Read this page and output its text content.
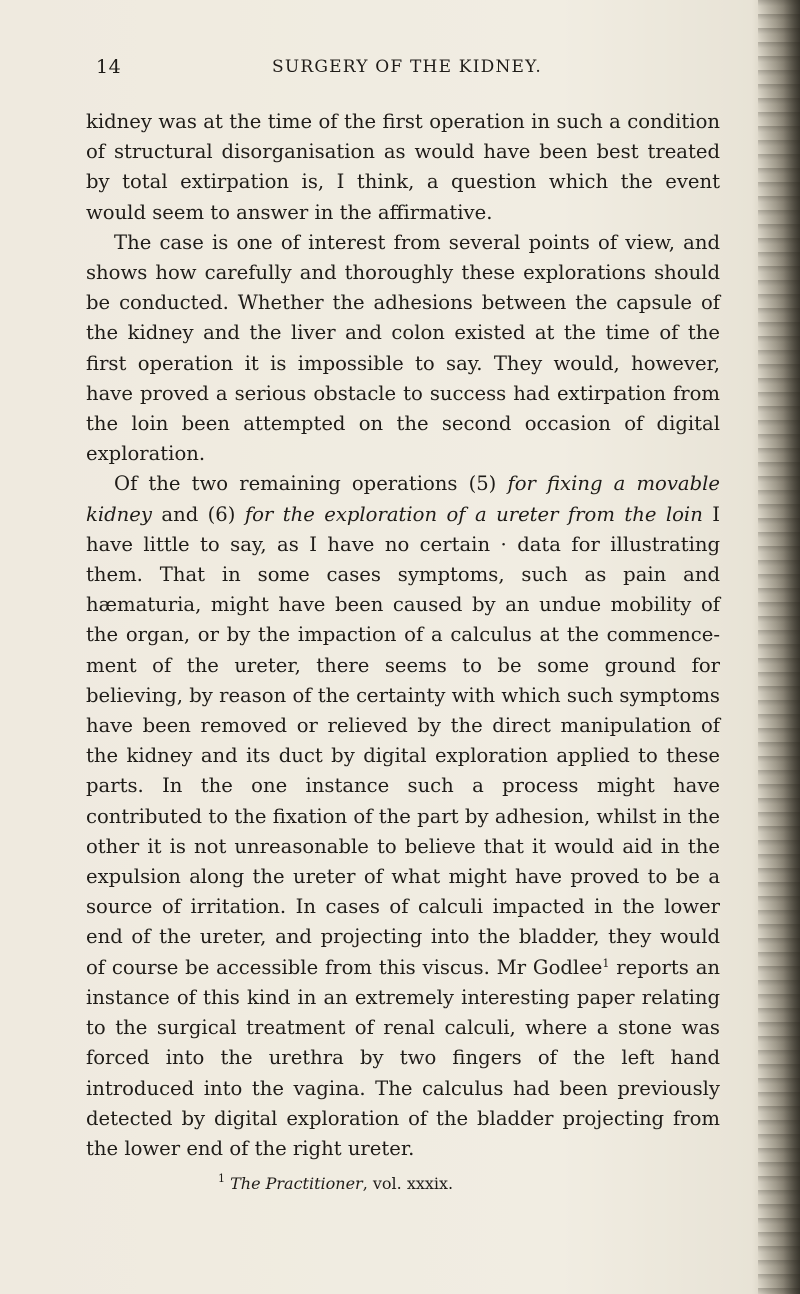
14	SURGERY OF THE KIDNEY.

kidney was at the time of the first operation in such a condition of structural disorganisation as would have been best treated by total extirpation is, I think, a question which the event would seem to answer in the affirmative.

The case is one of interest from several points of view, and shows how carefully and thoroughly these explorations should be conducted. Whether the adhesions between the capsule of the kidney and the liver and colon existed at the time of the first operation it is impossible to say. They would, however, have proved a serious obstacle to success had extirpation from the loin been attempted on the second occasion of digital exploration.

Of the two remaining operations (5) for fixing a movable kidney and (6) for the exploration of a ureter from the loin I have little to say, as I have no certain · data for illustrating them. That in some cases symptoms, such as pain and hæmaturia, might have been caused by an undue mobility of the organ, or by the impaction of a calculus at the commencement of the ureter, there seems to be some ground for believing, by reason of the certainty with which such symptoms have been removed or relieved by the direct manipulation of the kidney and its duct by digital exploration applied to these parts. In the one instance such a process might have contributed to the fixation of the part by adhesion, whilst in the other it is not unreasonable to believe that it would aid in the expulsion along the ureter of what might have proved to be a source of irritation. In cases of calculi impacted in the lower end of the ureter, and projecting into the bladder, they would of course be accessible from this viscus. Mr Godlee$^1$ reports an instance of this kind in an extremely interesting paper relating to the surgical treatment of renal calculi, where a stone was forced into the urethra by two fingers of the left hand introduced into the vagina. The calculus had been previously detected by digital exploration of the bladder projecting from the lower end of the right ureter.

$^1$ The Practitioner, vol. xxxix.
